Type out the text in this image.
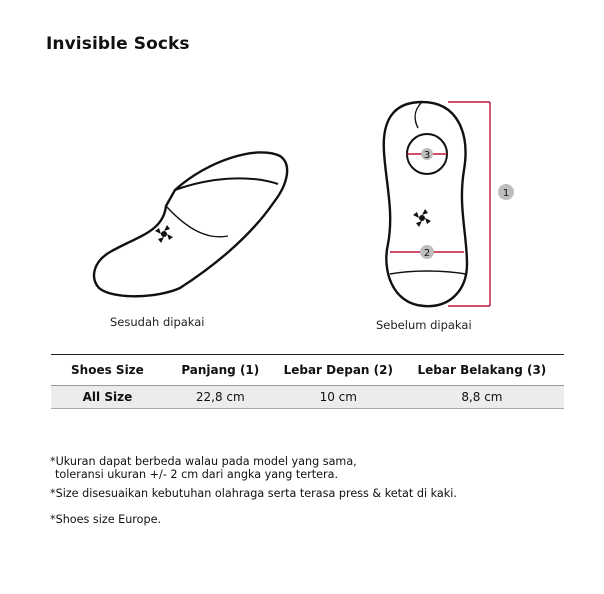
Invisible Socks
Sesudah dipakai
3
2
1
Sebelum dipakai
Shoes Size	Panjang (1)	Lebar Depan (2)	Lebar Belakang (3)
All Size	22,8 cm	10 cm	8,8 cm
*Ukuran dapat berbeda walau pada model yang sama,
toleransi ukuran +/- 2 cm dari angka yang tertera.
*Size disesuaikan kebutuhan olahraga serta terasa press & ketat di kaki.
*Shoes size Europe.
